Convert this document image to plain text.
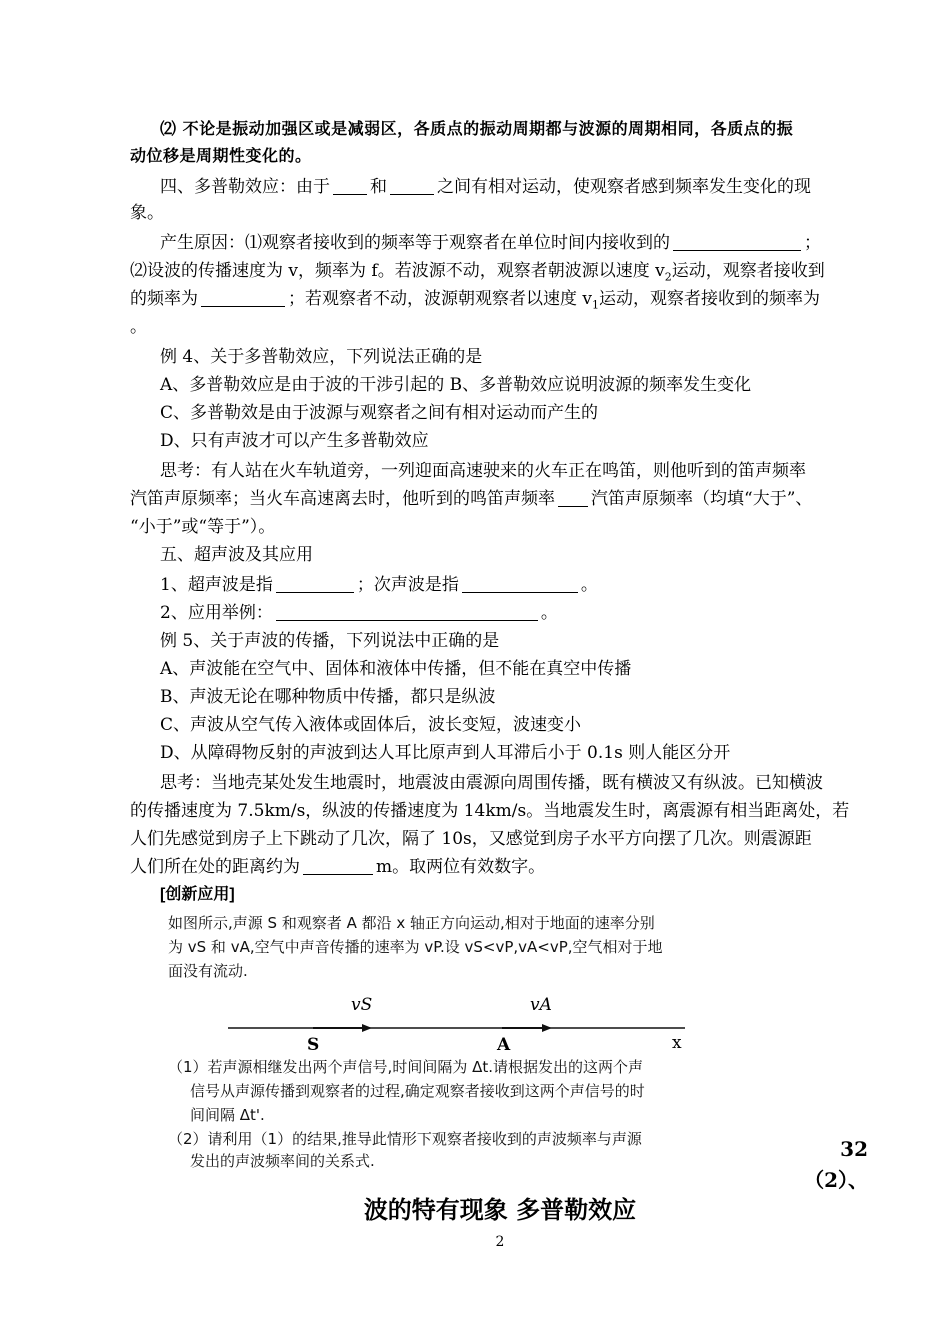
⑵ 不论是振动加强区或是减弱区，各质点的振动周期都与波源的周期相同，各质点的振
动位移是周期性变化的。
四、多普勒效应：由于 和	之间有相对运动，使观察者感到频率发生变化的现
象。
产生原因：⑴观察者接收到的频率等于观察者在单位时间内接收到的	；
⑵设波的传播速度为 v，频率为 f。若波源不动，观察者朝波源以速度 $v_2$运动，观察者接收到
的频率为	；若观察者不动，波源朝观察者以速度 $v_1$运动，观察者接收到的频率为
。
例 4、关于多普勒效应，下列说法正确的是
A、多普勒效应是由于波的干涉引起的 B、多普勒效应说明波源的频率发生变化
C、多普勒效是由于波源与观察者之间有相对运动而产生的
D、只有声波才可以产生多普勒效应
思考：有人站在火车轨道旁，一列迎面高速驶来的火车正在鸣笛，则他听到的笛声频率
汽笛声原频率；当火车高速离去时，他听到的鸣笛声频率 汽笛声原频率（均填“大于”、
“小于”或“等于”）。
五、超声波及其应用
1、超声波是指	；次声波是指	。
2、应用举例：	。
例 5、关于声波的传播，下列说法中正确的是
A、声波能在空气中、固体和液体中传播，但不能在真空中传播
B、声波无论在哪种物质中传播，都只是纵波
C、声波从空气传入液体或固体后，波长变短，波速变小
D、从障碍物反射的声波到达人耳比原声到人耳滞后小于 0.1s 则人能区分开
思考：当地壳某处发生地震时，地震波由震源向周围传播，既有横波又有纵波。已知横波
的传播速度为 7.5km/s，纵波的传播速度为 14km/s。当地震发生时，离震源有相当距离处，若
人们先感觉到房子上下跳动了几次，隔了 10s，又感觉到房子水平方向摆了几次。则震源距
人们所在处的距离约为	m。取两位有效数字。
[创新应用]
如图所示,声源 S 和观察者 A 都沿 x 轴正方向运动,相对于地面的速率分别
为 vS 和 vA,空气中声音传播的速率为 vP.设 vS<vP,vA<vP,空气相对于地
面没有流动.
vS	vA
S	A	x
（1）若声源相继发出两个声信号,时间间隔为 Δt.请根据发出的这两个声
信号从声源传播到观察者的过程,确定观察者接收到这两个声信号的时
间间隔 Δt'.
（2）请利用（1）的结果,推导此情形下观察者接收到的声波频率与声源
发出的声波频率间的关系式.	32
（2）、
波的特有现象 多普勒效应
2
